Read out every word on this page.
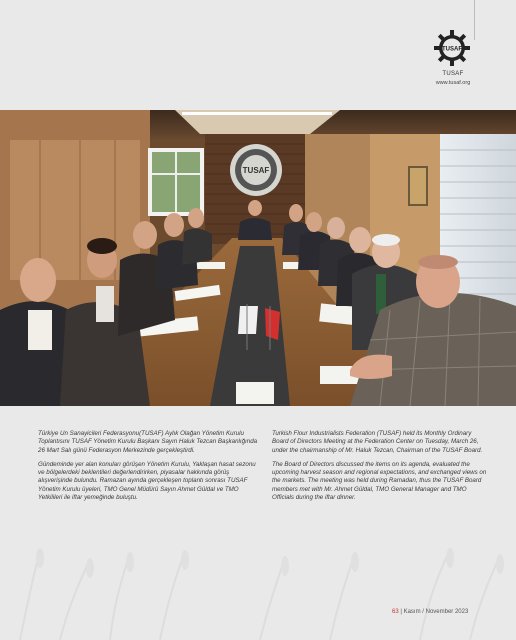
TUSAF
TUSAF
www.tusaf.org
TUSAF

Türkiye Un Sanayicileri Federasyonu(TUSAF) Aylık Olağan Yönetim Kurulu Toplantısını TUSAF Yönetim Kurulu Başkanı Sayın Haluk Tezcan Başkanlığında 26 Mart Salı günü Federasyon Merkezinde gerçekleştirdi.

Gündeminde yer alan konuları görüşen Yönetim Kurulu, Yaklaşan hasat sezonu ve bölgelerdeki beklentileri değerlendirirken, piyasalar hakkında görüş alışverişinde bulundu. Ramazan ayında gerçekleşen toplantı sonrası TUSAF Yönetim Kurulu üyeleri, TMO Genel Müdürü Sayın Ahmet Güldal ve TMO Yetkilileri ile iftar yemeğinde buluştu.

Turkish Flour Industrialists Federation (TUSAF) held its Monthly Ordinary Board of Directors Meeting at the Federation Center on Tuesday, March 26, under the chairmanship of Mr. Haluk Tezcan, Chairman of the TUSAF Board.

The Board of Directors discussed the items on its agenda, evaluated the upcoming harvest season and regional expectations, and exchanged views on the markets. The meeting was held during Ramadan, thus the TUSAF Board members met with Mr. Ahmet Güldal, TMO General Manager and TMO Officials during the iftar dinner.

63 | Kasım / November 2023
